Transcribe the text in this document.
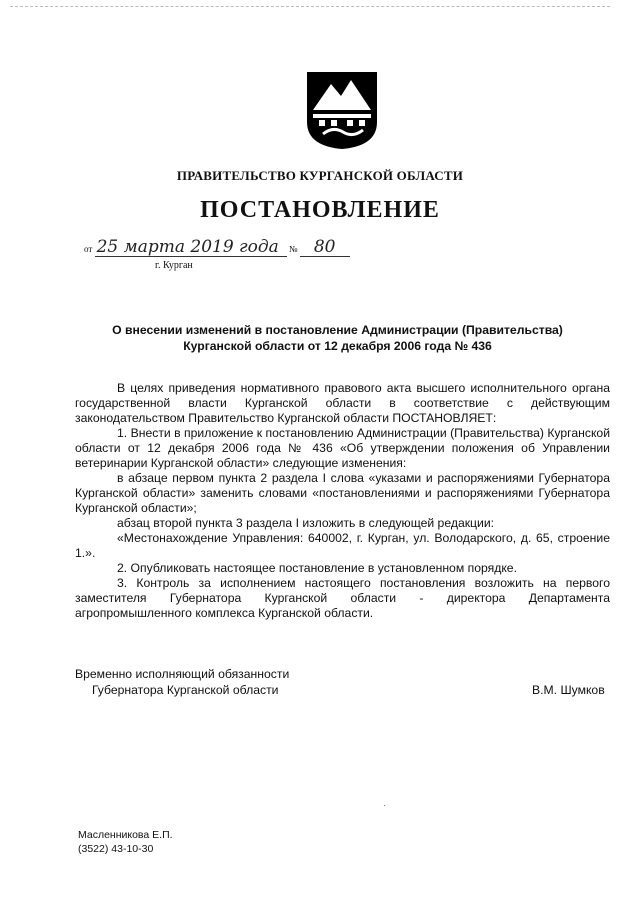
ПРАВИТЕЛЬСТВО КУРГАНСКОЙ ОБЛАСТИ
ПОСТАНОВЛЕНИЕ
от 25 марта 2019 года № 80
г. Курган
О внесении изменений в постановление Администрации (Правительства)
Курганской области от 12 декабря 2006 года № 436

В целях приведения нормативного правового акта высшего исполнительного органа государственной власти Курганской области в соответствие с действующим законодательством Правительство Курганской области ПОСТАНОВЛЯЕТ:

1. Внести в приложение к постановлению Администрации (Правительства) Курганской области от 12 декабря 2006 года № 436 «Об утверждении положения об Управлении ветеринарии Курганской области» следующие изменения:

в абзаце первом пункта 2 раздела I слова «указами и распоряжениями Губернатора Курганской области» заменить словами «постановлениями и распоряжениями Губернатора Курганской области»;

абзац второй пункта 3 раздела I изложить в следующей редакции:

«Местонахождение Управления: 640002, г. Курган, ул. Володарского, д. 65, строение 1.».

2. Опубликовать настоящее постановление в установленном порядке.

3. Контроль за исполнением настоящего постановления возложить на первого заместителя Губернатора Курганской области - директора Департамента агропромышленного комплекса Курганской области.

Временно исполняющий обязанности
Губернатора Курганской области	В.М. Шумков
·
Масленникова Е.П.
(3522) 43-10-30
